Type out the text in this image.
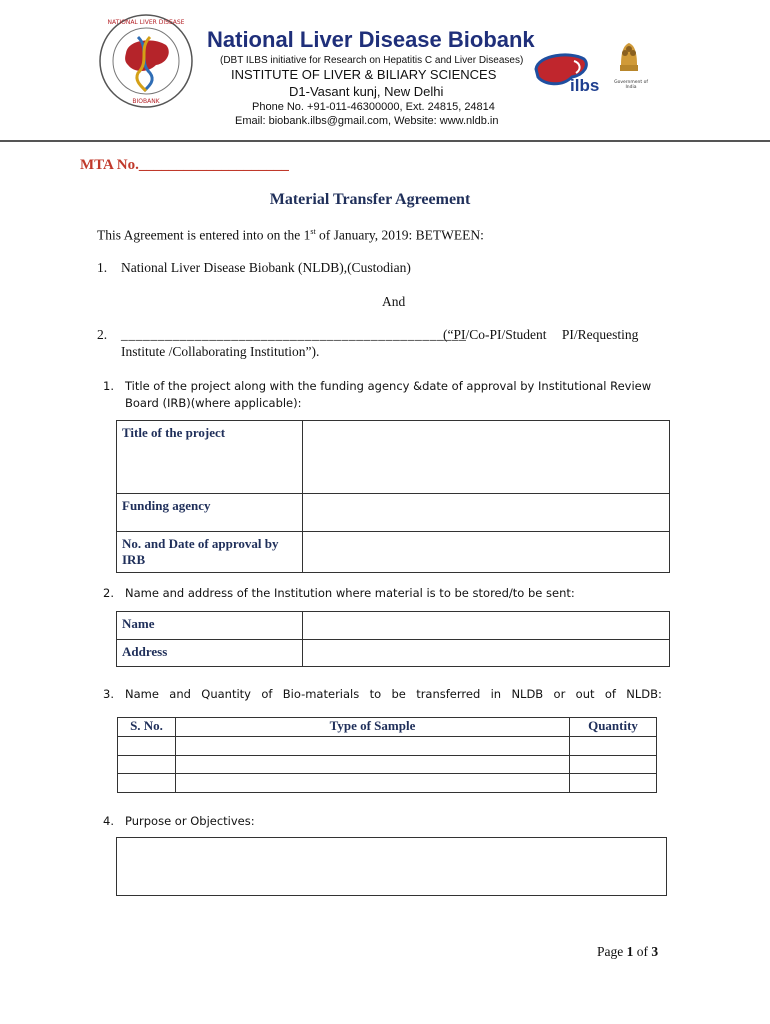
NATIONAL LIVER DISEASE
BIOBANK
National Liver Disease Biobank
(DBT ILBS initiative for Research on Hepatitis C and Liver Diseases)
INSTITUTE OF LIVER & BILIARY SCIENCES
D1-Vasant kunj, New Delhi
Phone No. +91-011-46300000, Ext. 24815, 24814
Email: biobank.ilbs@gmail.com, Website: www.nldb.in
ilbs	Government of India
MTA No.____________________
Material Transfer Agreement
This Agreement is entered into on the 1st of January, 2019: BETWEEN:
1. National Liver Disease Biobank (NLDB),(Custodian)
And
2. _______________________________________________
(“PI/Co-PI/Student PI/Requesting
Institute /Collaborating Institution”).
1. Title of the project along with the funding agency &date of approval by Institutional Review
Board (IRB)(where applicable):
Title of the project	
Funding agency	
No. and Date of approval by IRB	
2. Name and address of the Institution where material is to be stored/to be sent:
Name	
Address	
3. Name and Quantity of Bio-materials to be transferred in NLDB or out of NLDB:
S. No.	Type of Sample	Quantity

4. Purpose or Objectives:
Page 1 of 3
